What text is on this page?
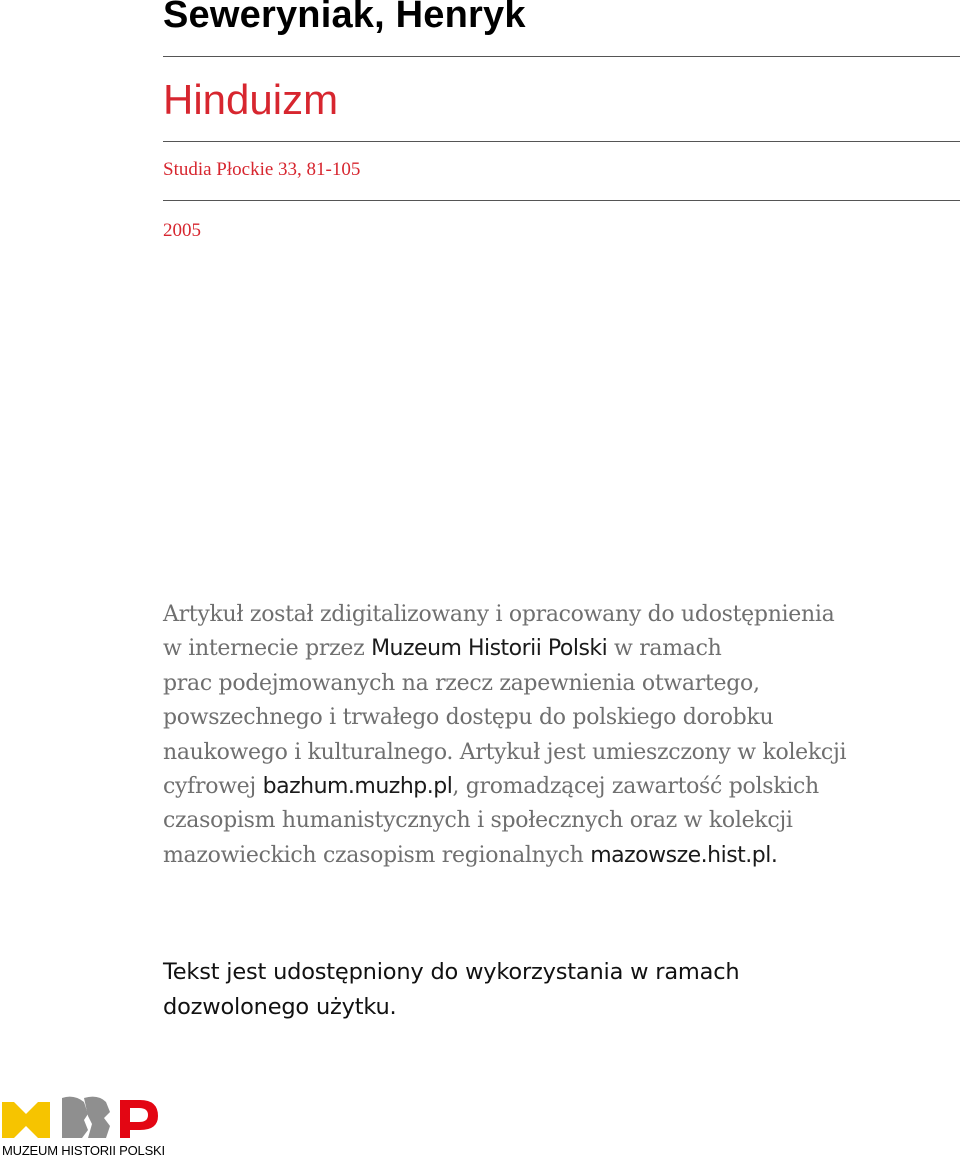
Seweryniak, Henryk
Hinduizm
Studia Płockie 33, 81-105
2005
Artykuł został zdigitalizowany i opracowany do udostępnienia
w internecie przez Muzeum Historii Polski w ramach
prac podejmowanych na rzecz zapewnienia otwartego,
powszechnego i trwałego dostępu do polskiego dorobku
naukowego i kulturalnego. Artykuł jest umieszczony w kolekcji
cyfrowej bazhum.muzhp.pl, gromadzącej zawartość polskich
czasopism humanistycznych i społecznych oraz w kolekcji
mazowieckich czasopism regionalnych mazowsze.hist.pl.
Tekst jest udostępniony do wykorzystania w ramach
dozwolonego użytku.
MUZEUM HISTORII POLSKI
